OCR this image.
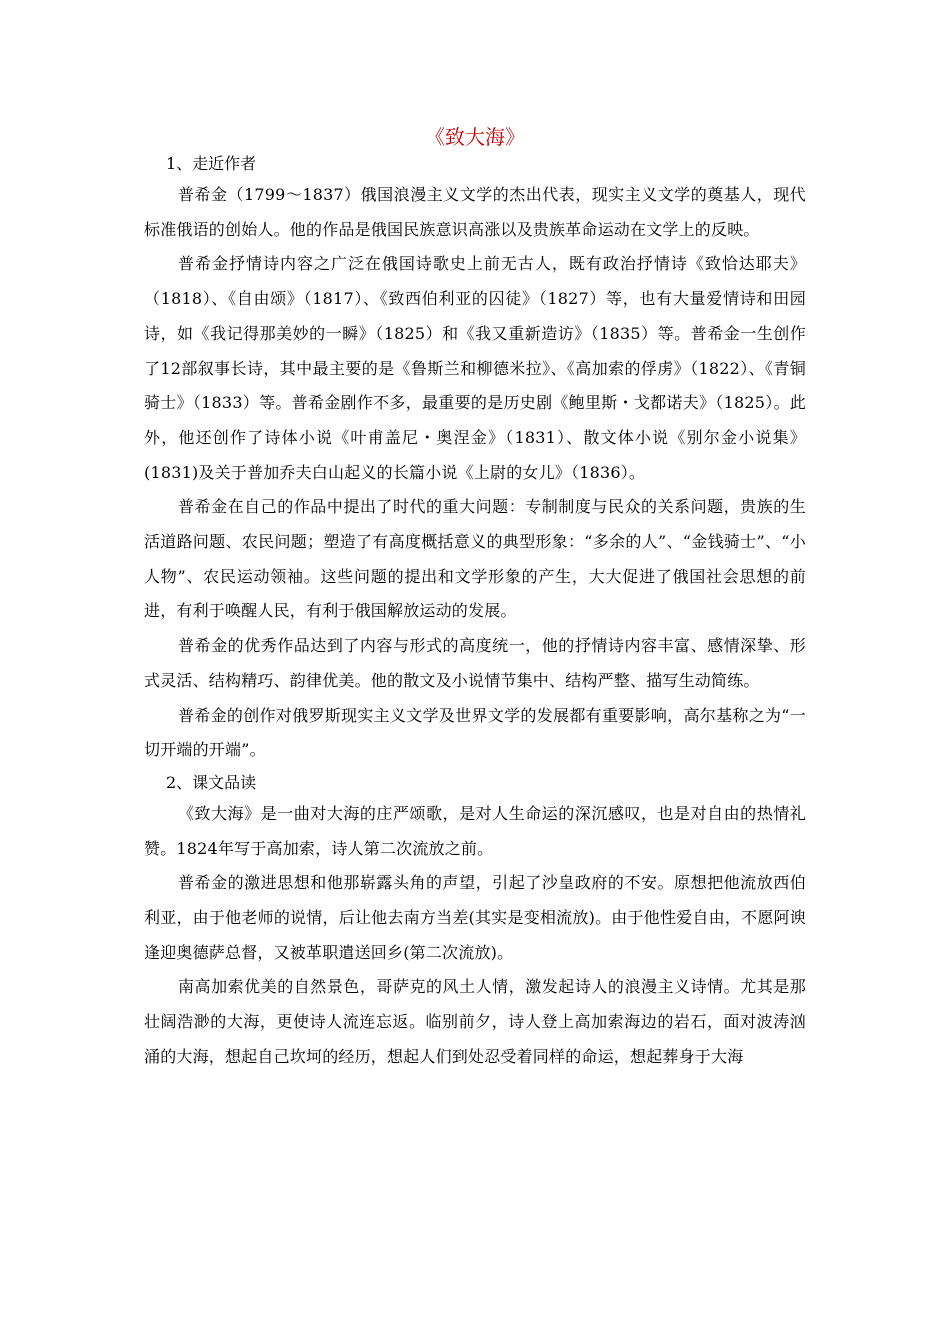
《致大海》

1、走近作者

普希金（1799～1837）俄国浪漫主义文学的杰出代表，现实主义文学的奠基人，现代标准俄语的创始人。他的作品是俄国民族意识高涨以及贵族革命运动在文学上的反映。

普希金抒情诗内容之广泛在俄国诗歌史上前无古人，既有政治抒情诗《致恰达耶夫》（1818）、《自由颂》（1817）、《致西伯利亚的囚徒》（1827）等，也有大量爱情诗和田园诗，如《我记得那美妙的一瞬》（1825）和《我又重新造访》（1835）等。普希金一生创作了12部叙事长诗，其中最主要的是《鲁斯兰和柳德米拉》、《高加索的俘虏》（1822）、《青铜骑士》（1833）等。普希金剧作不多，最重要的是历史剧《鲍里斯・戈都诺夫》（1825）。此外，他还创作了诗体小说《叶甫盖尼・奥涅金》（1831）、散文体小说《别尔金小说集》(1831)及关于普加乔夫白山起义的长篇小说《上尉的女儿》（1836）。

普希金在自己的作品中提出了时代的重大问题：专制制度与民众的关系问题，贵族的生活道路问题、农民问题；塑造了有高度概括意义的典型形象：“多余的人”、“金钱骑士”、“小人物”、农民运动领袖。这些问题的提出和文学形象的产生，大大促进了俄国社会思想的前进，有利于唤醒人民，有利于俄国解放运动的发展。

普希金的优秀作品达到了内容与形式的高度统一，他的抒情诗内容丰富、感情深挚、形式灵活、结构精巧、韵律优美。他的散文及小说情节集中、结构严整、描写生动简练。

普希金的创作对俄罗斯现实主义文学及世界文学的发展都有重要影响，高尔基称之为“一切开端的开端”。

2、课文品读

《致大海》是一曲对大海的庄严颂歌，是对人生命运的深沉感叹，也是对自由的热情礼赞。1824年写于高加索，诗人第二次流放之前。

普希金的激进思想和他那崭露头角的声望，引起了沙皇政府的不安。原想把他流放西伯利亚，由于他老师的说情，后让他去南方当差(其实是变相流放)。由于他性爱自由，不愿阿谀逢迎奥德萨总督，又被革职遣送回乡(第二次流放)。

南高加索优美的自然景色，哥萨克的风土人情，激发起诗人的浪漫主义诗情。尤其是那壮阔浩渺的大海，更使诗人流连忘返。临别前夕，诗人登上高加索海边的岩石，面对波涛汹涌的大海，想起自己坎坷的经历，想起人们到处忍受着同样的命运，想起葬身于大海
